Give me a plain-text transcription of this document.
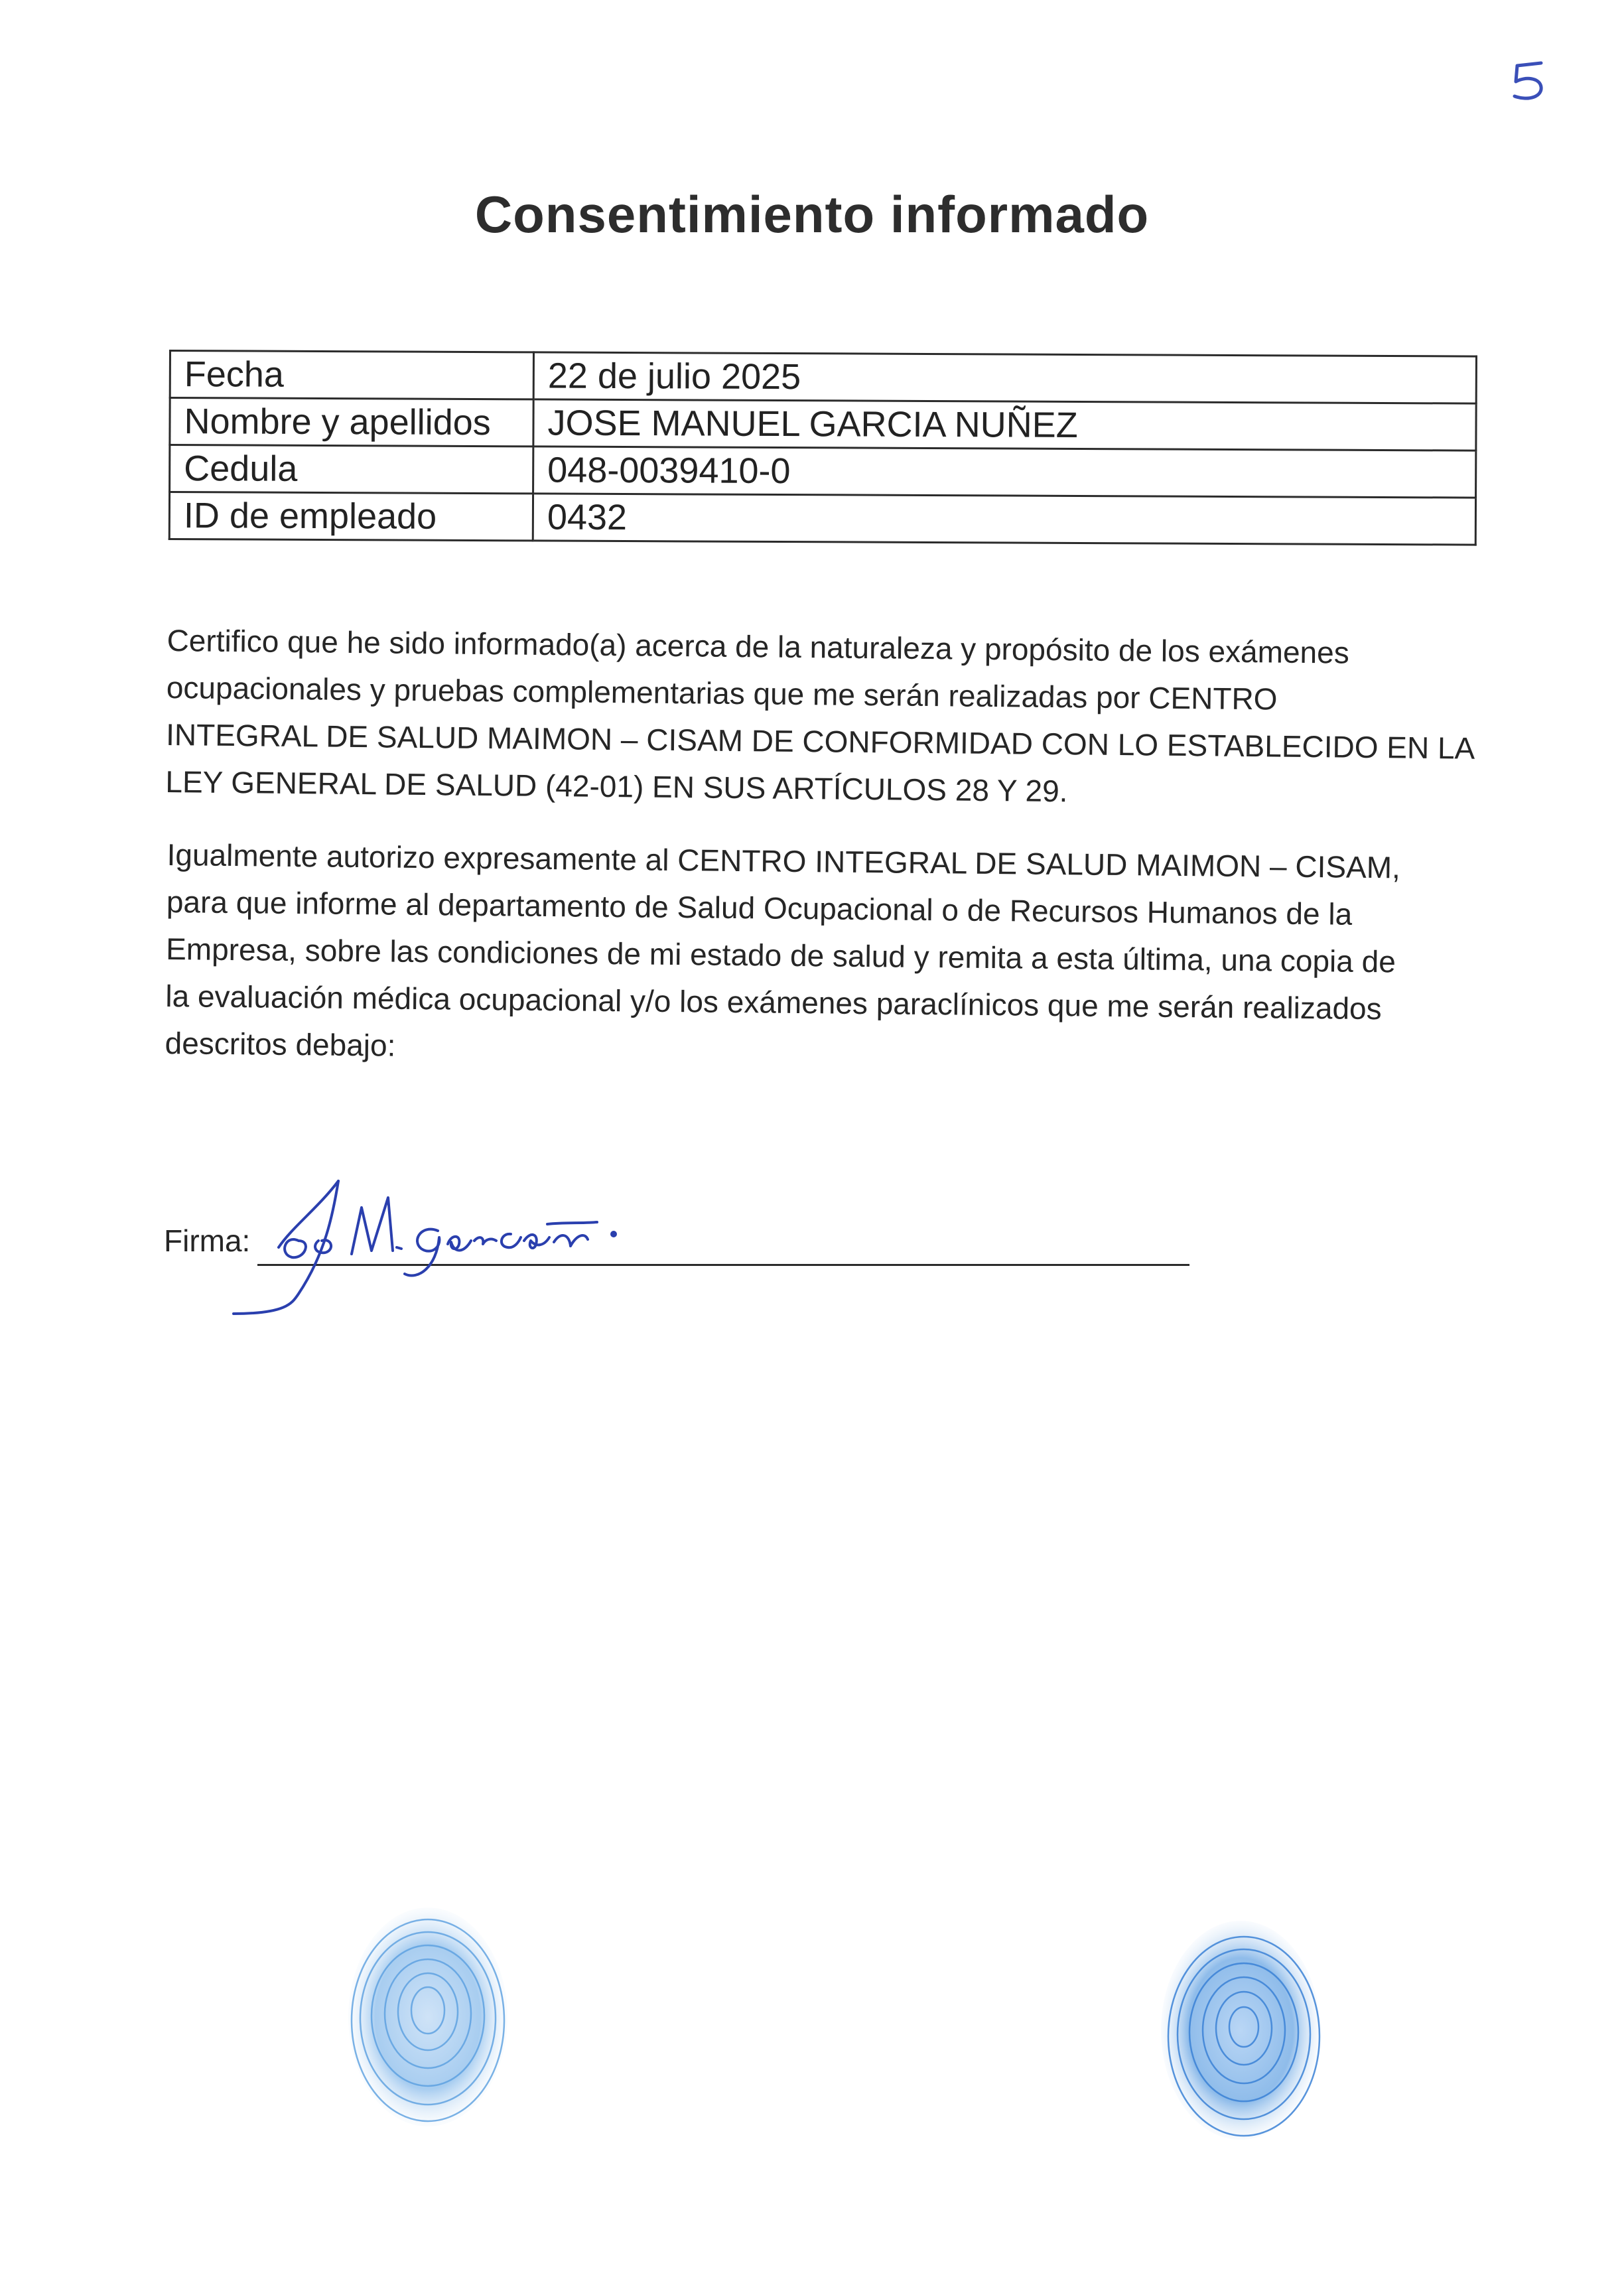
Consentimiento informado
Fecha	22 de julio 2025
Nombre y apellidos	JOSE MANUEL GARCIA NUÑEZ
Cedula	048-0039410-0
ID de empleado	0432

Certifico que he sido informado(a) acerca de la naturaleza y propósito de los exámenes
ocupacionales y pruebas complementarias que me serán realizadas por CENTRO
INTEGRAL DE SALUD MAIMON – CISAM DE CONFORMIDAD CON LO ESTABLECIDO EN LA
LEY GENERAL DE SALUD (42-01) EN SUS ARTÍCULOS 28 Y 29.

Igualmente autorizo expresamente al CENTRO INTEGRAL DE SALUD MAIMON – CISAM,
para que informe al departamento de Salud Ocupacional o de Recursos Humanos de la
Empresa, sobre las condiciones de mi estado de salud y remita a esta última, una copia de
la evaluación médica ocupacional y/o los exámenes paraclínicos que me serán realizados
descritos debajo:

Firma:
